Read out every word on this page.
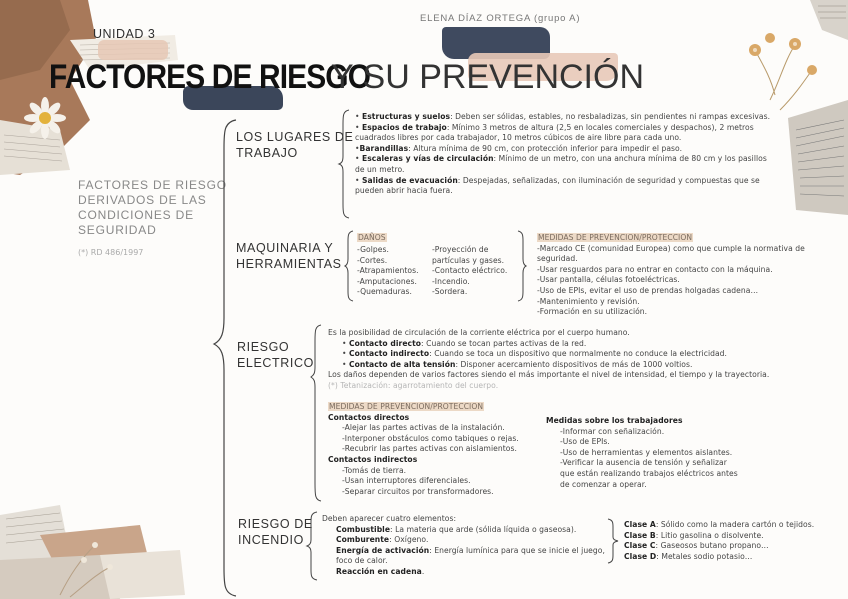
UNIDAD 3
ELENA DÍAZ ORTEGA (grupo A)
FACTORES DE RIESGO
Y SU PREVENCIÓN
FACTORES DE RIESGO
DERIVADOS DE LAS
CONDICIONES DE
SEGURIDAD
(*) RD 486/1997
LOS LUGARES DE
TRABAJO
• Estructuras y suelos: Deben ser sólidas, estables, no resbaladizas, sin pendientes ni rampas excesivas.
• Espacios de trabajo: Mínimo 3 metros de altura (2,5 en locales comerciales y despachos), 2 metros cuadrados libres por cada trabajador, 10 metros cúbicos de aire libre para cada uno.
•Barandillas: Altura mínima de 90 cm, con protección inferior para impedir el paso.
• Escaleras y vías de circulación: Mínimo de un metro, con una anchura mínima de 80 cm y los pasillos de un metro.
• Salidas de evacuación: Despejadas, señalizadas, con iluminación de seguridad y compuestas que se pueden abrir hacia fuera.
MAQUINARIA Y
HERRAMIENTAS
DAÑOS
-Golpes.
-Cortes.
-Atrapamientos.
-Amputaciones.
-Quemaduras.
-Proyección de
partículas y gases.
-Contacto eléctrico.
-Incendio.
-Sordera.
MEDIDAS DE PREVENCION/PROTECCION
-Marcado CE (comunidad Europea) como que cumple la normativa de seguridad.
-Usar resguardos para no entrar en contacto con la máquina.
-Usar pantalla, células fotoeléctricas.
-Uso de EPIs, evitar el uso de prendas holgadas cadena…
-Mantenimiento y revisión.
-Formación en su utilización.
RIESGO
ELECTRICO
Es la posibilidad de circulación de la corriente eléctrica por el cuerpo humano.
• Contacto directo: Cuando se tocan partes activas de la red.
• Contacto indirecto: Cuando se toca un dispositivo que normalmente no conduce la electricidad.
• Contacto de alta tensión: Disponer acercamiento dispositivos de más de 1000 voltios.
Los daños dependen de varios factores siendo el más importante el nivel de intensidad, el tiempo y la trayectoria.
(*) Tetanización: agarrotamiento del cuerpo.
MEDIDAS DE PREVENCION/PROTECCION
Contactos directos
-Alejar las partes activas de la instalación.
-Interponer obstáculos como tabiques o rejas.
-Recubrir las partes activas con aislamientos.
Contactos indirectos
-Tomás de tierra.
-Usan interruptores diferenciales.
-Separar circuitos por transformadores.
Medidas sobre los trabajadores
-Informar con señalización.
-Uso de EPIs.
-Uso de herramientas y elementos aislantes.
-Verificar la ausencia de tensión y señalizar
que están realizando trabajos eléctricos antes
de comenzar a operar.
RIESGO DE
INCENDIO
Deben aparecer cuatro elementos:
Combustible: La materia que arde (sólida líquida o gaseosa).
Comburente: Oxígeno.
Energía de activación: Energía lumínica para que se inicie el juego, foco de calor.
Reacción en cadena.
Clase A: Sólido como la madera cartón o tejidos.
Clase B: Litio gasolina o disolvente.
Clase C: Gaseosos butano propano…
Clase D: Metales sodio potasio…
